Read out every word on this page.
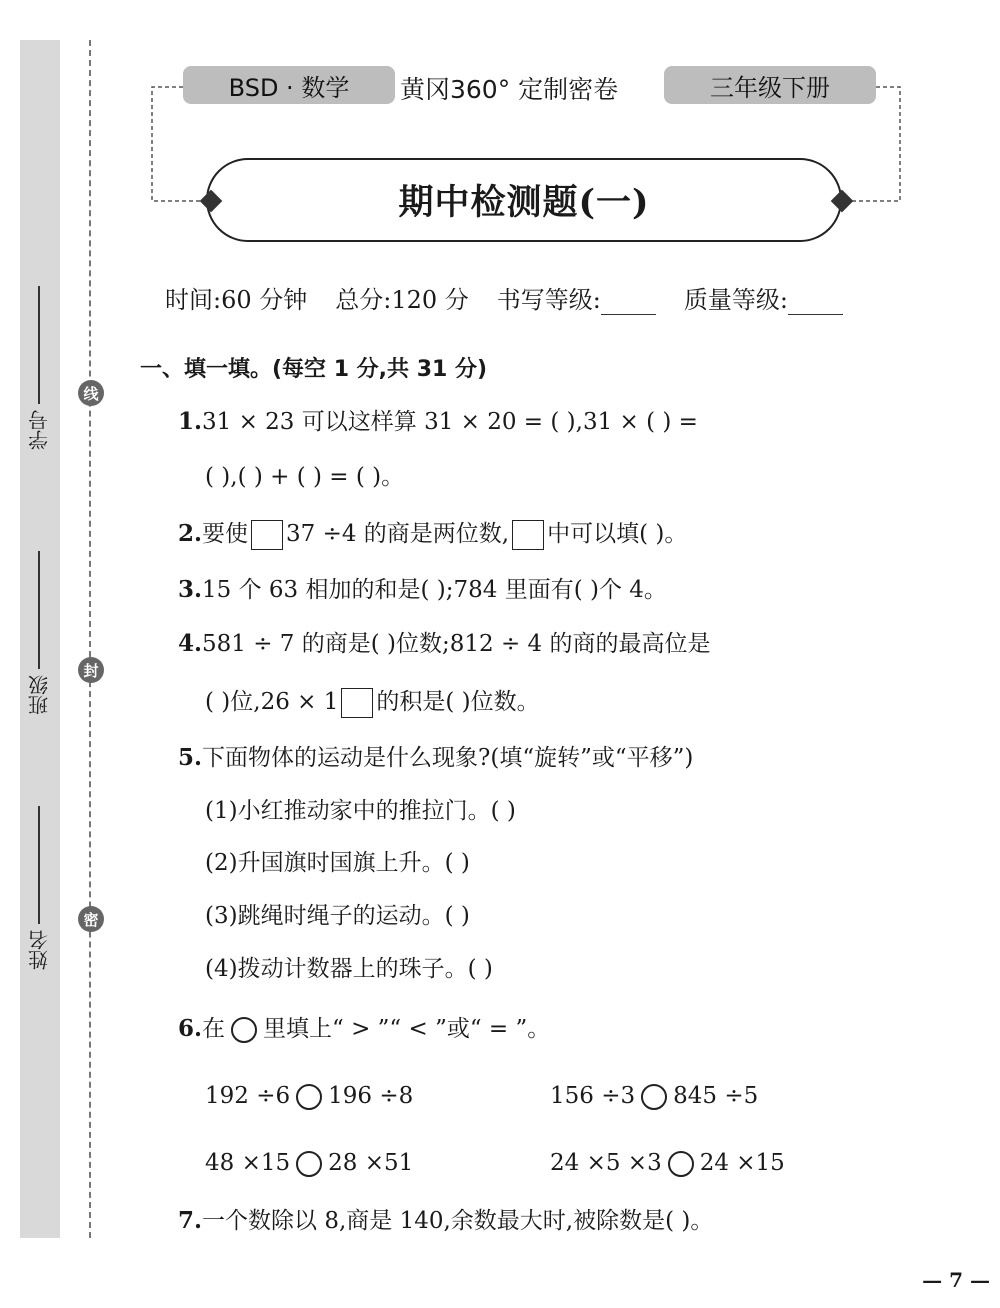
线
封
密
学号
班级
姓名
BSD · 数学	黄冈360° 定制密卷	三年级下册
期中检测题(一)
时间:60 分钟 总分:120 分 书写等级:	质量等级:
一、填一填。(每空 1 分,共 31 分)
1.31 × 23 可以这样算 31 × 20 = ( ),31 × ( ) =
( ),( ) + ( ) = ( )。
2.要使 37 ÷4 的商是两位数, 中可以填( )。
3.15 个 63 相加的和是( );784 里面有( )个 4。
4.581 ÷ 7 的商是( )位数;812 ÷ 4 的商的最高位是
( )位,26 × 1 的积是( )位数。
5.下面物体的运动是什么现象?(填“旋转”或“平移”)
(1)小红推动家中的推拉门。( )
(2)升国旗时国旗上升。( )
(3)跳绳时绳子的运动。( )
(4)拨动计数器上的珠子。( )
6.在 里填上“ > ”“ < ”或“ = ”。
192 ÷6 196 ÷8	156 ÷3 845 ÷5
48 ×15 28 ×51	24 ×5 ×3 24 ×15
7.一个数除以 8,商是 140,余数最大时,被除数是( )。
— 7 —
